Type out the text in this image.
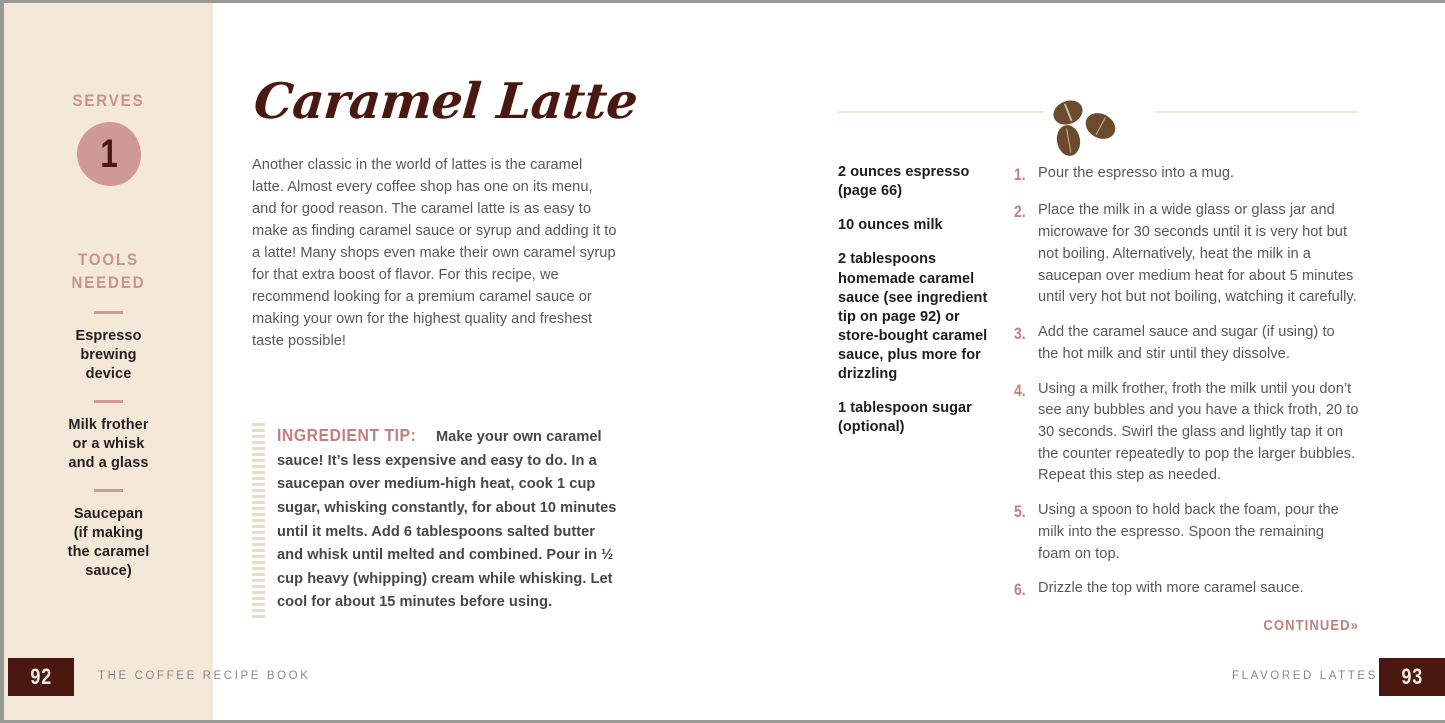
SERVES
1
TOOLS
NEEDED
Espresso
brewing
device
Milk frother
or a whisk
and a glass
Saucepan
(if making
the caramel
sauce)
Caramel Latte

Another classic in the world of lattes is the caramel latte. Almost every coffee shop has one on its menu, and for good reason. The caramel latte is as easy to make as finding caramel sauce or syrup and adding it to a latte! Many shops even make their own caramel syrup for that extra boost of flavor. For this recipe, we recommend looking for a premium caramel sauce or making your own for the highest quality and freshest taste possible!

INGREDIENT TIP: Make your own caramel sauce! It’s less expensive and easy to do. In a saucepan over medium-high heat, cook 1 cup sugar, whisking constantly, for about 10 minutes until it melts. Add 6 tablespoons salted butter and whisk until melted and combined. Pour in ½ cup heavy (whipping) cream while whisking. Let cool for about 15 minutes before using.

2 ounces espresso (page 66)
10 ounces milk
2 tablespoons homemade caramel sauce (see ingredient tip on page 92) or store-bought caramel sauce, plus more for drizzling
1 tablespoon sugar (optional)
1. Pour the espresso into a mug.
2. Place the milk in a wide glass or glass jar and microwave for 30 seconds until it is very hot but not boiling. Alternatively, heat the milk in a saucepan over medium heat for about 5 minutes until very hot but not boiling, watching it carefully.
3. Add the caramel sauce and sugar (if using) to the hot milk and stir until they dissolve.
4. Using a milk frother, froth the milk until you don’t see any bubbles and you have a thick froth, 20 to 30 seconds. Swirl the glass and lightly tap it on the counter repeatedly to pop the larger bubbles. Repeat this step as needed.
5. Using a spoon to hold back the foam, pour the milk into the espresso. Spoon the remaining foam on top.
6. Drizzle the top with more caramel sauce.
CONTINUED»
92	THE COFFEE RECIPE BOOK	FLAVORED LATTES 93
